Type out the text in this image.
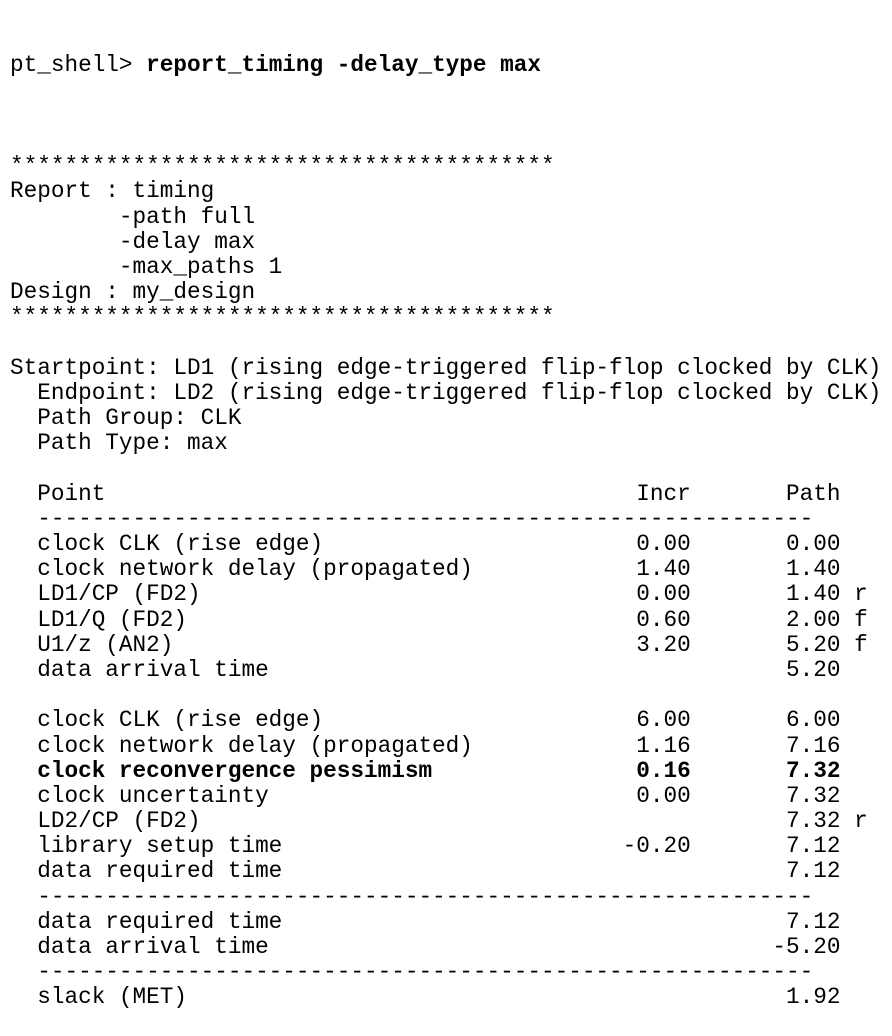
pt_shell> report_timing -delay_type max

****************************************
Report : timing
-path full
-delay max
-max_paths 1
Design : my_design
****************************************
Startpoint: LD1 (rising edge-triggered flip-flop clocked by CLK)
Endpoint: LD2 (rising edge-triggered flip-flop clocked by CLK)
Path Group: CLK
Path Type: max
Point                                       Incr       Path
---------------------------------------------------------
clock CLK (rise edge)                       0.00       0.00
clock network delay (propagated)            1.40       1.40
LD1/CP (FD2)                                0.00       1.40 r
LD1/Q (FD2)                                 0.60       2.00 f
U1/z (AN2)                                  3.20       5.20 f
data arrival time                                      5.20
clock CLK (rise edge)                       6.00       6.00
clock network delay (propagated)            1.16       7.16
clock reconvergence pessimism               0.16       7.32
clock uncertainty                           0.00       7.32
LD2/CP (FD2)                                           7.32 r
library setup time                         -0.20       7.12
data required time                                     7.12
---------------------------------------------------------
data required time                                     7.12
data arrival time                                     -5.20
---------------------------------------------------------
slack (MET)                                            1.92
